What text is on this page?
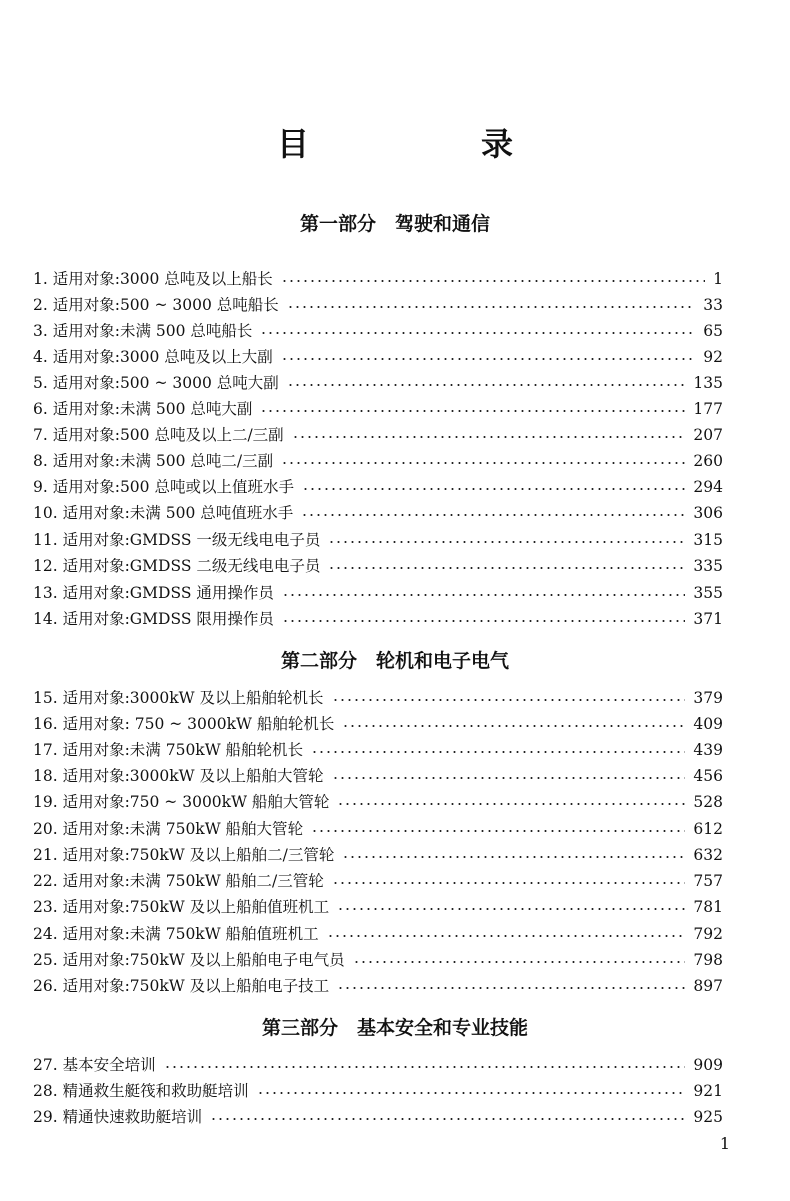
目　录
第一部分　驾驶和通信
1. 适用对象:3000 总吨及以上船长	1
2. 适用对象:500 ~ 3000 总吨船长	33
3. 适用对象:未满 500 总吨船长	65
4. 适用对象:3000 总吨及以上大副	92
5. 适用对象:500 ~ 3000 总吨大副	135
6. 适用对象:未满 500 总吨大副	177
7. 适用对象:500 总吨及以上二/三副	207
8. 适用对象:未满 500 总吨二/三副	260
9. 适用对象:500 总吨或以上值班水手	294
10. 适用对象:未满 500 总吨值班水手	306
11. 适用对象:GMDSS 一级无线电电子员	315
12. 适用对象:GMDSS 二级无线电电子员	335
13. 适用对象:GMDSS 通用操作员	355
14. 适用对象:GMDSS 限用操作员	371
第二部分　轮机和电子电气
15. 适用对象:3000kW 及以上船舶轮机长	379
16. 适用对象: 750 ~ 3000kW 船舶轮机长	409
17. 适用对象:未满 750kW 船舶轮机长	439
18. 适用对象:3000kW 及以上船舶大管轮	456
19. 适用对象:750 ~ 3000kW 船舶大管轮	528
20. 适用对象:未满 750kW 船舶大管轮	612
21. 适用对象:750kW 及以上船舶二/三管轮	632
22. 适用对象:未满 750kW 船舶二/三管轮	757
23. 适用对象:750kW 及以上船舶值班机工	781
24. 适用对象:未满 750kW 船舶值班机工	792
25. 适用对象:750kW 及以上船舶电子电气员	798
26. 适用对象:750kW 及以上船舶电子技工	897
第三部分　基本安全和专业技能
27. 基本安全培训	909
28. 精通救生艇筏和救助艇培训	921
29. 精通快速救助艇培训	925
1
